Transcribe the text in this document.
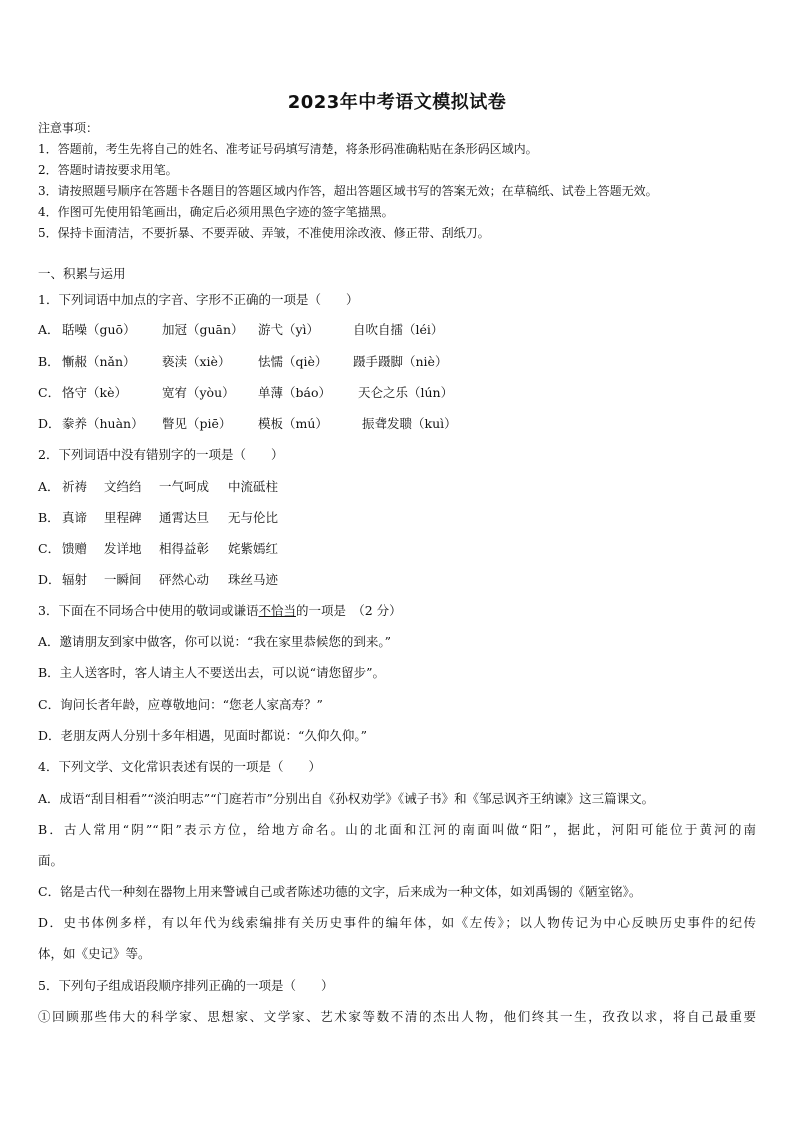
2023年中考语文模拟试卷
注意事项：
1．答题前，考生先将自己的姓名、准考证号码填写清楚，将条形码准确粘贴在条形码区域内。
2．答题时请按要求用笔。
3．请按照题号顺序在答题卡各题目的答题区域内作答，超出答题区域书写的答案无效；在草稿纸、试卷上答题无效。
4．作图可先使用铅笔画出，确定后必须用黑色字迹的签字笔描黑。
5．保持卡面清洁，不要折暴、不要弄破、弄皱，不准使用涂改液、修正带、刮纸刀。
一、积累与运用
1．下列词语中加点的字音、字形不正确的一项是（　　）
A． 聒噪（guō） 加冠（guān） 游弋（yì）	自吹自擂（léi）
B． 慚赧（nǎn） 亵渎（xiè） 怯懦（qiè） 蹑手蹑脚（niè）
C． 恪守（kè）	宽宥（yòu） 单薄（báo） 天仑之乐（lún）
D．豢养（huàn） 瞥见（piē） 模板（mú）	振聋发聩（kuì）
2．下列词语中没有错别字的一项是（　　）
A． 祈祷 文绉绉 一气呵成 中流砥柱
B． 真谛 里程碑 通霄达旦 无与伦比
C． 馈赠 发详地 相得益彰 姹紫嫣红
D．辐射 一瞬间 砰然心动 珠丝马迹
3．下面在不同场合中使用的敬词或谦语不恰当的一项是　（2 分）
A．邀请朋友到家中做客，你可以说：“我在家里恭候您的到来。”
B．主人送客时，客人请主人不要送出去，可以说“请您留步”。
C．询问长者年龄，应尊敬地问：“您老人家高寿？”
D．老朋友两人分别十多年相遇，见面时都说：“久仰久仰。”
4．下列文学、文化常识表述有误的一项是（　　）
A．成语“刮目相看”“淡泊明志”“门庭若市”分别出自《孙权劝学》《诫子书》和《邹忌讽齐王纳谏》这三篇课文。
B．古人常用“阴”“阳”表示方位，给地方命名。山的北面和江河的南面叫做“阳”，据此，河阳可能位于黄河的南
面。
C．铭是古代一种刻在器物上用来警诫自己或者陈述功德的文字，后来成为一种文体，如刘禹锡的《陋室铭》。
D．史书体例多样，有以年代为线索编排有关历史事件的编年体，如《左传》；以人物传记为中心反映历史事件的纪传
体，如《史记》等。
5．下列句子组成语段顺序排列正确的一项是（　　）
①回顾那些伟大的科学家、思想家、文学家、艺术家等数不清的杰出人物，他们终其一生，孜孜以求，将自己最重要
